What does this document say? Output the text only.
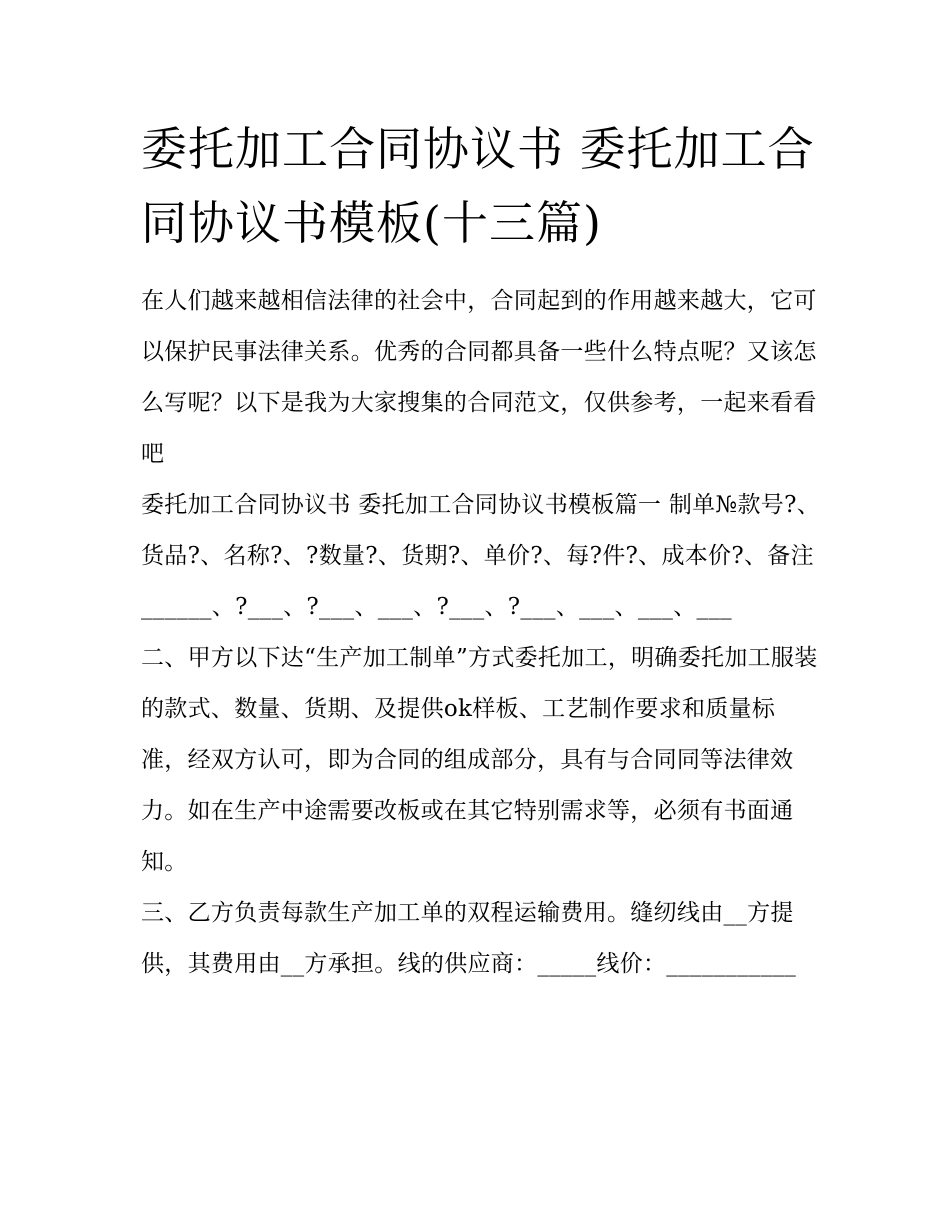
委托加工合同协议书 委托加工合同协议书模板(十三篇)

在人们越来越相信法律的社会中，合同起到的作用越来越大，它可以保护民事法律关系。优秀的合同都具备一些什么特点呢？又该怎么写呢？以下是我为大家搜集的合同范文，仅供参考，一起来看看吧

委托加工合同协议书 委托加工合同协议书模板篇一 制单№款号?、货品?、名称?、?数量?、货期?、单价?、每?件?、成本价?、备注

______、?___、?___、___、?___、?___、___、___、___

二、甲方以下达“生产加工制单”方式委托加工，明确委托加工服装的款式、数量、货期、及提供ok样板、工艺制作要求和质量标准，经双方认可，即为合同的组成部分，具有与合同同等法律效力。如在生产中途需要改板或在其它特别需求等，必须有书面通知。

三、乙方负责每款生产加工单的双程运输费用。缝纫线由__方提供，其费用由__方承担。线的供应商：_____线价：___________
